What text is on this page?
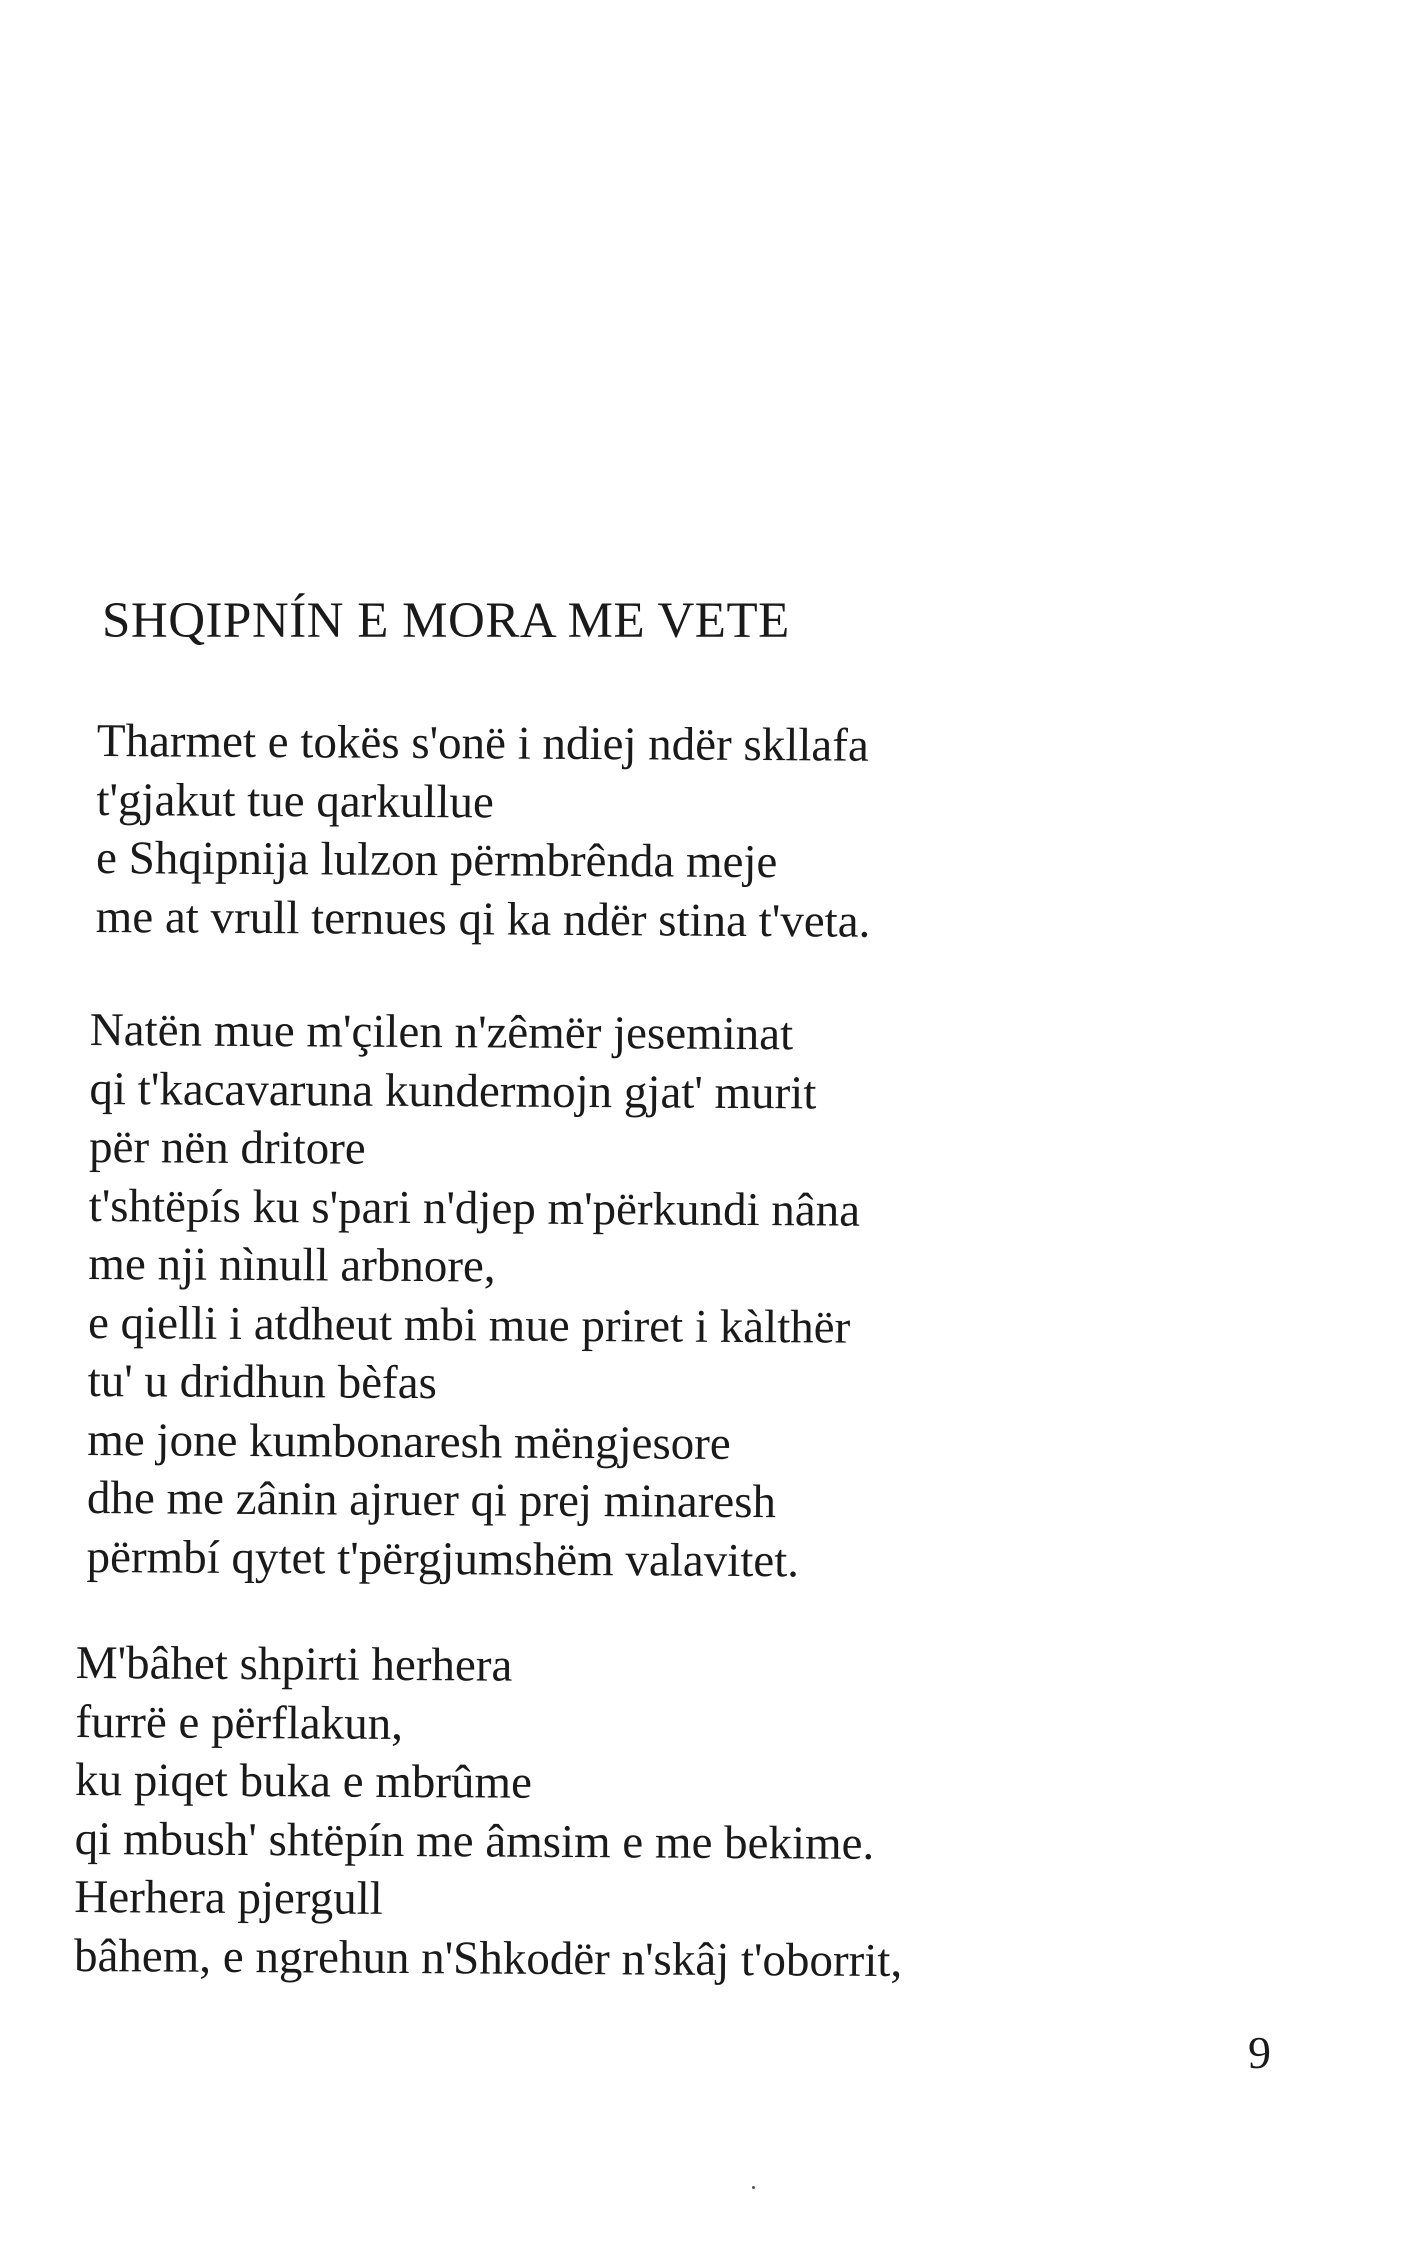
SHQIPNÍN E MORA ME VETE

Tharmet e tokës s'onë i ndiej ndër skllafa
t'gjakut tue qarkullue
e Shqipnija lulzon përmbrênda meje
me at vrull ternues qi ka ndër stina t'veta.

Natën mue m'çilen n'zêmër jeseminat
qi t'kacavaruna kundermojn gjat' murit
për nën dritore
t'shtëpís ku s'pari n'djep m'përkundi nâna
me nji nìnull arbnore,
e qielli i atdheut mbi mue priret i kàlthër
tu' u dridhun bèfas
me jone kumbonaresh mëngjesore
dhe me zânin ajruer qi prej minaresh
përmbí qytet t'përgjumshëm valavitet.

M'bâhet shpirti herhera
furrë e përflakun,
ku piqet buka e mbrûme
qi mbush' shtëpín me âmsim e me bekime.
Herhera pjergull
bâhem, e ngrehun n'Shkodër n'skâj t'oborrit,

9
